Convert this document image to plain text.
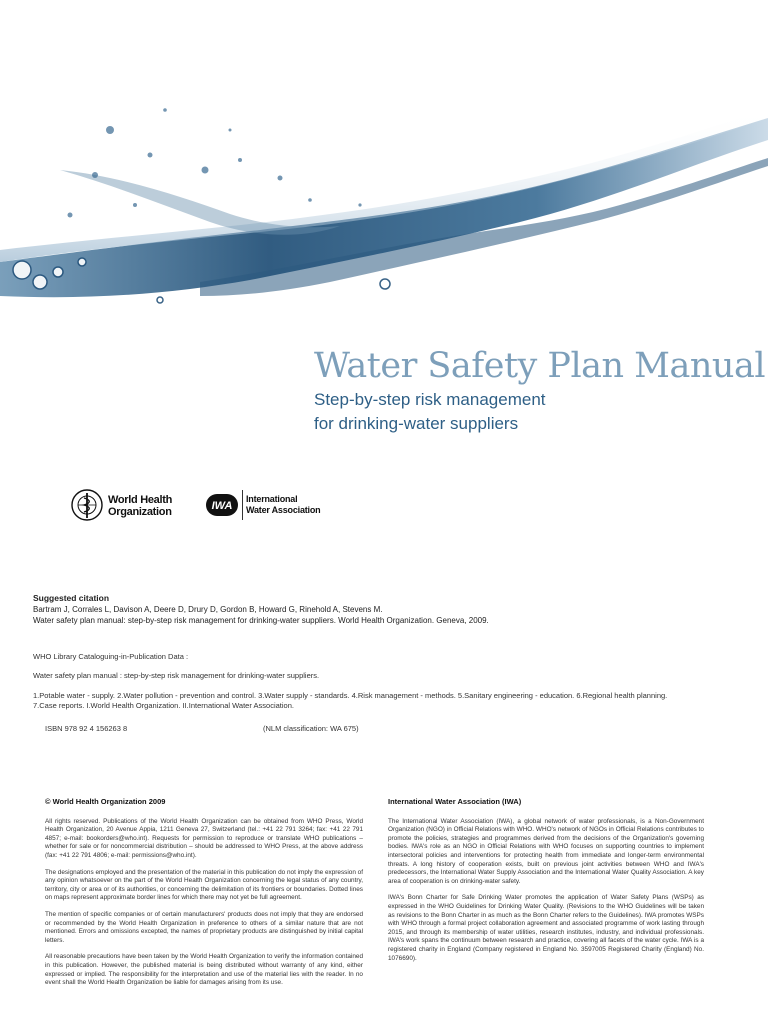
Water Safety Plan Manual
Step-by-step risk management
for drinking-water suppliers
World Health
Organization	IWA
International
Water Association
Suggested citation
Bartram J, Corrales L, Davison A, Deere D, Drury D, Gordon B, Howard G, Rinehold A, Stevens M.
Water safety plan manual: step-by-step risk management for drinking-water suppliers. World Health Organization. Geneva, 2009.
WHO Library Cataloguing-in-Publication Data :
Water safety plan manual : step-by-step risk management for drinking-water suppliers.
1.Potable water - supply. 2.Water pollution - prevention and control. 3.Water supply - standards. 4.Risk management - methods. 5.Sanitary engineering - education. 6.Regional health planning.
7.Case reports. I.World Health Organization. II.International Water Association.
ISBN 978 92 4 156263 8	(NLM classification: WA 675)
© World Health Organization 2009

All rights reserved. Publications of the World Health Organization can be obtained from WHO Press, World Health Organization, 20 Avenue Appia, 1211 Geneva 27, Switzerland (tel.: +41 22 791 3264; fax: +41 22 791 4857; e-mail: bookorders@who.int). Requests for permission to reproduce or translate WHO publications – whether for sale or for noncommercial distribution – should be addressed to WHO Press, at the above address (fax: +41 22 791 4806; e-mail: permissions@who.int).

The designations employed and the presentation of the material in this publication do not imply the expression of any opinion whatsoever on the part of the World Health Organization concerning the legal status of any country, territory, city or area or of its authorities, or concerning the delimitation of its frontiers or boundaries. Dotted lines on maps represent approximate border lines for which there may not yet be full agreement.

The mention of specific companies or of certain manufacturers' products does not imply that they are endorsed or recommended by the World Health Organization in preference to others of a similar nature that are not mentioned. Errors and omissions excepted, the names of proprietary products are distinguished by initial capital letters.

All reasonable precautions have been taken by the World Health Organization to verify the information contained in this publication. However, the published material is being distributed without warranty of any kind, either expressed or implied. The responsibility for the interpretation and use of the material lies with the reader. In no event shall the World Health Organization be liable for damages arising from its use.

International Water Association (IWA)

The International Water Association (IWA), a global network of water professionals, is a Non-Government Organization (NGO) in Official Relations with WHO. WHO's network of NGOs in Official Relations contributes to promote the policies, strategies and programmes derived from the decisions of the Organization's governing bodies. IWA's role as an NGO in Official Relations with WHO focuses on supporting countries to implement intersectoral policies and interventions for protecting health from immediate and longer-term environmental threats. A long history of cooperation exists, built on previous joint activities between WHO and IWA's predecessors, the International Water Supply Association and the International Water Quality Association. A key area of cooperation is on drinking-water safety.

IWA's Bonn Charter for Safe Drinking Water promotes the application of Water Safety Plans (WSPs) as expressed in the WHO Guidelines for Drinking Water Quality. (Revisions to the WHO Guidelines will be taken as revisions to the Bonn Charter in as much as the Bonn Charter refers to the Guidelines). IWA promotes WSPs with WHO through a formal project collaboration agreement and associated programme of work lasting through 2015, and through its membership of water utilities, research institutes, industry, and individual professionals. IWA's work spans the continuum between research and practice, covering all facets of the water cycle. IWA is a registered charity in England (Company registered in England No. 3597005 Registered Charity (England) No. 1076690).
